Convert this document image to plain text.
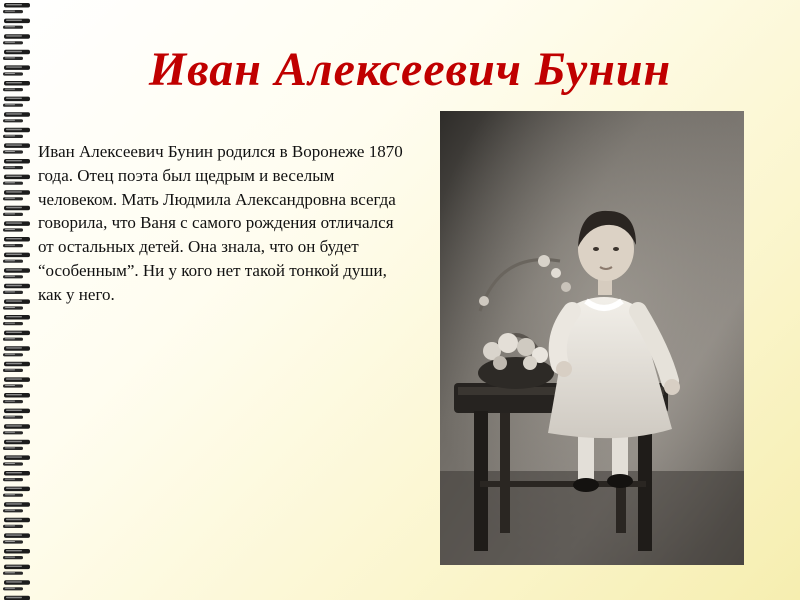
Иван Алексеевич Бунин

Иван Алексеевич Бунин родился в Воронеже 1870 года. Отец поэта был щедрым и веселым человеком. Мать Людмила Александровна всегда говорила, что Ваня с самого рождения отличался от остальных детей. Она знала, что он будет “особенным”. Ни у кого нет такой тонкой души, как у него.
